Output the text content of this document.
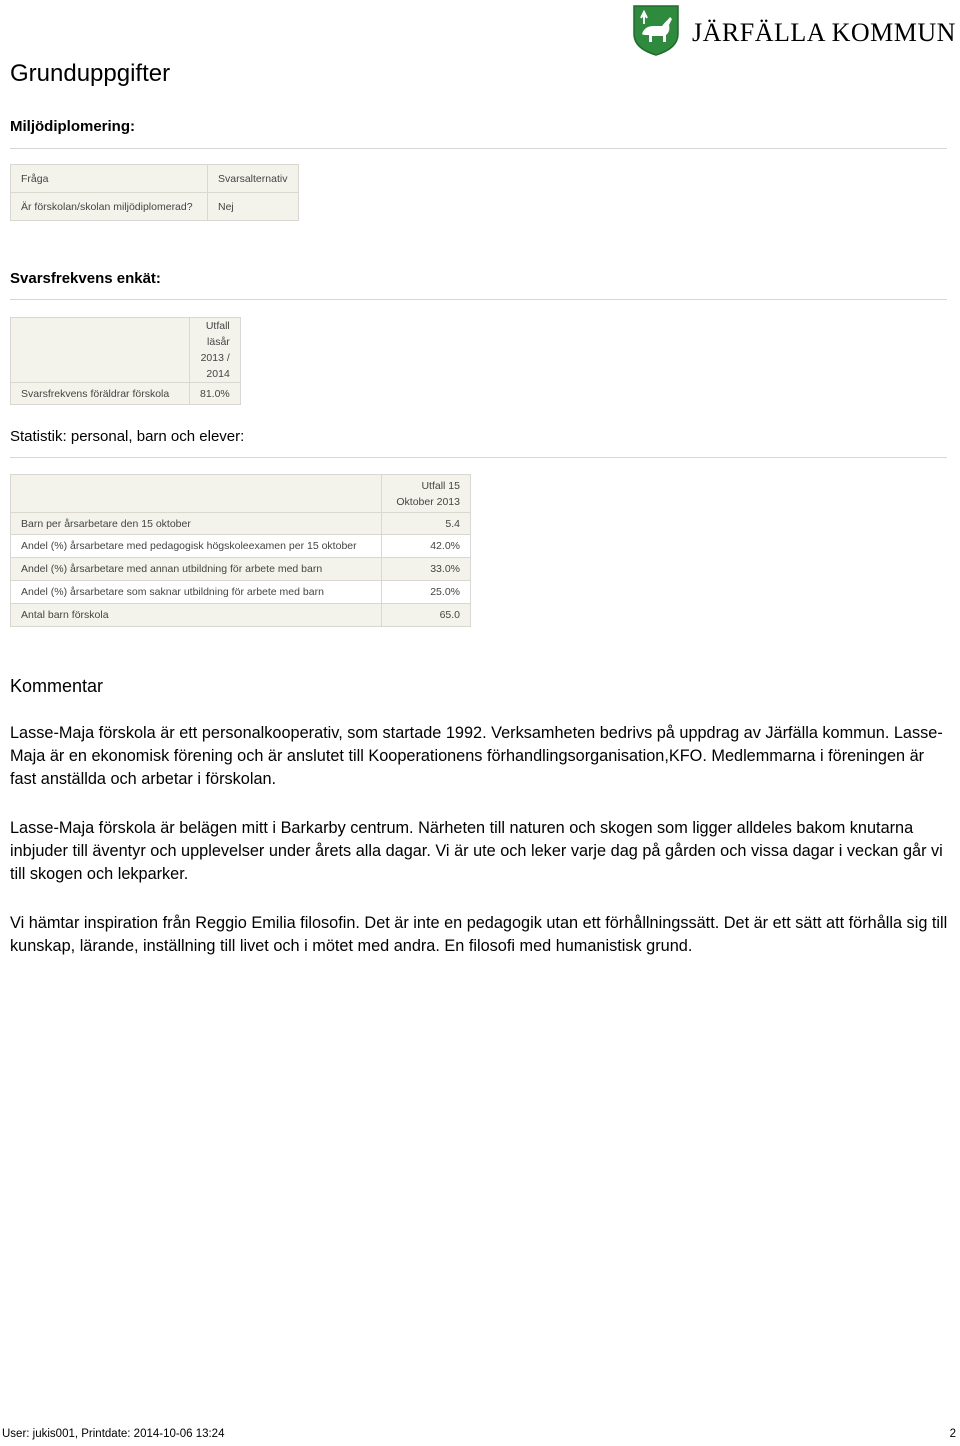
JÄRFÄLLA KOMMUN
Grunduppgifter
Miljödiplomering:
Fråga	Svarsalternativ
Är förskolan/skolan miljödiplomerad?	Nej
Svarsfrekvens enkät:
	Utfall läsår
2013 / 2014
Svarsfrekvens föräldrar förskola	81.0%
Statistik: personal, barn och elever:
	Utfall 15
Oktober 2013
Barn per årsarbetare den 15 oktober	5.4
Andel (%) årsarbetare med pedagogisk högskoleexamen per 15 oktober	42.0%
Andel (%) årsarbetare med annan utbildning för arbete med barn	33.0%
Andel (%) årsarbetare som saknar utbildning för arbete med barn	25.0%
Antal barn förskola	65.0
Kommentar

Lasse-Maja förskola är ett personalkooperativ, som startade 1992. Verksamheten bedrivs på uppdrag av Järfälla kommun. Lasse-Maja är en ekonomisk förening och är anslutet till Kooperationens förhandlingsorganisation,KFO. Medlemmarna i föreningen är fast anställda och arbetar i förskolan.

Lasse-Maja förskola är belägen mitt i Barkarby centrum. Närheten till naturen och skogen som ligger alldeles bakom knutarna inbjuder till äventyr och upplevelser under årets alla dagar. Vi är ute och leker varje dag på gården och vissa dagar i veckan går vi till skogen och lekparker.

Vi hämtar inspiration från Reggio Emilia filosofin. Det är inte en pedagogik utan ett förhållningssätt. Det är ett sätt att förhålla sig till kunskap, lärande, inställning till livet och i mötet med andra. En filosofi med humanistisk grund.

User: jukis001, Printdate: 2014-10-06 13:24	2
